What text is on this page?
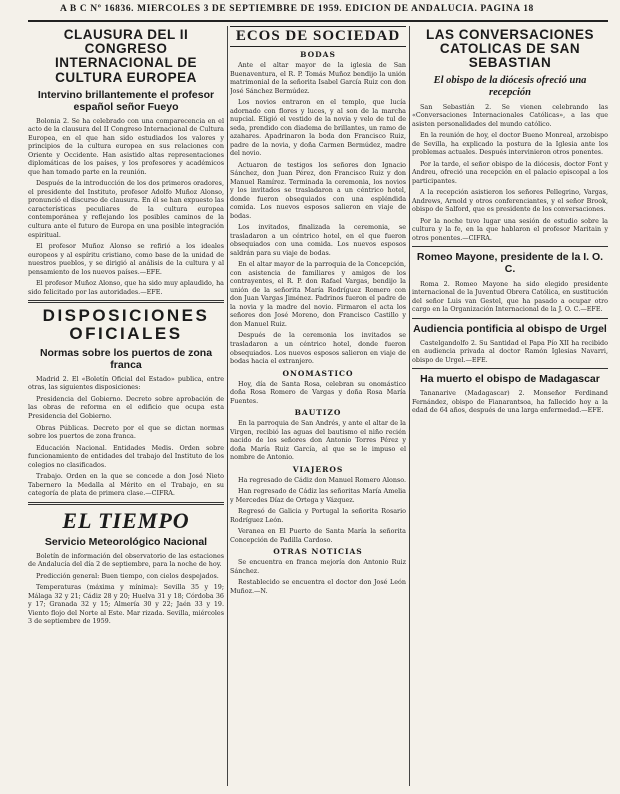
A B C Nº 16836. MIERCOLES 3 DE SEPTIEMBRE DE 1959. EDICION DE ANDALUCIA. PAGINA 18
CLAUSURA DEL II CONGRESO INTERNACIONAL DE CULTURA EUROPEA
Intervino brillantemente el profesor español señor Fueyo

Bolonia 2. Se ha celebrado con una comparecencia en el acto de la clausura del II Congreso Internacional de Cultura Europea, en el que han sido estudiados los valores y principios de la cultura europea en sus relaciones con Oriente y Occidente. Han asistido altas representaciones diplomáticas de los países, y los profesores y académicos que han tomado parte en la reunión.

Después de la introducción de los dos primeros oradores, el presidente del Instituto, profesor Adolfo Muñoz Alonso, pronunció el discurso de clausura. En él se han expuesto las características peculiares de la cultura europea contemporánea y reflejando los posibles caminos de la cultura ante el futuro de Europa en una posible integración espiritual.

El profesor Muñoz Alonso se refirió a los ideales europeos y al espíritu cristiano, como base de la unidad de nuestros pueblos, y se dirigió al análisis de la cultura y al pensamiento de los nuevos países.—EFE.

El profesor Muñoz Alonso, que ha sido muy aplaudido, ha sido felicitado por las autoridades.—EFE.

DISPOSICIONES OFICIALES
Normas sobre los puertos de zona franca

Madrid 2. El «Boletín Oficial del Estado» publica, entre otras, las siguientes disposiciones:

Presidencia del Gobierno. Decreto sobre aprobación de las obras de reforma en el edificio que ocupa esta Presidencia del Gobierno.

Obras Públicas. Decreto por el que se dictan normas sobre los puertos de zona franca.

Educación Nacional. Entidades Medis. Orden sobre funcionamiento de entidades del trabajo del Instituto de los colegios no clasificados.

Trabajo. Orden en la que se concede a don José Nieto Tabernero la Medalla al Mérito en el Trabajo, en su categoría de plata de primera clase.—CIFRA.

EL TIEMPO
Servicio Meteorológico Nacional

Boletín de información del observatorio de las estaciones de Andalucía del día 2 de septiembre, para la noche de hoy.

Predicción general: Buen tiempo, con cielos despejados.

Temperaturas (máxima y mínima): Sevilla 35 y 19; Málaga 32 y 21; Cádiz 28 y 20; Huelva 31 y 18; Córdoba 36 y 17; Granada 32 y 15; Almería 30 y 22; Jaén 33 y 19. Viento flojo del Norte al Este. Mar rizada. Sevilla, miércoles 3 de septiembre de 1959.

ECOS DE SOCIEDAD
BODAS

Ante el altar mayor de la iglesia de San Buenaventura, el R. P. Tomás Muñoz bendijo la unión matrimonial de la señorita Isabel García Ruiz con don José Sánchez Bermúdez.

Los novios entraron en el templo, que lucía adornado con flores y luces, y al son de la marcha nupcial. Eligió el vestido de la novia y velo de tul de seda, prendido con diadema de brillantes, un ramo de azahares. Apadrinaron la boda don Francisco Ruiz, padre de la novia, y doña Carmen Bermúdez, madre del novio.

Actuaron de testigos los señores don Ignacio Sánchez, don Juan Pérez, don Francisco Ruiz y don Manuel Ramírez. Terminada la ceremonia, los novios y los invitados se trasladaron a un céntrico hotel, donde fueron obsequiados con una espléndida comida. Los nuevos esposos salieron en viaje de bodas.

Los invitados, finalizada la ceremonia, se trasladaron a un céntrico hotel, en el que fueron obsequiados con una comida. Los nuevos esposos saldrán para su viaje de bodas.

En el altar mayor de la parroquia de la Concepción, con asistencia de familiares y amigos de los contrayentes, el R. P. don Rafael Vargas, bendijo la unión de la señorita María Rodríguez Romero con don Juan Vargas Jiménez. Padrinos fueron el padre de la novia y la madre del novio. Firmaron el acta los señores don José Moreno, don Francisco Castillo y don Manuel Ruiz.

Después de la ceremonia los invitados se trasladaron a un céntrico hotel, donde fueron obsequiados. Los nuevos esposos salieron en viaje de bodas hacia el extranjero.

ONOMASTICO

Hoy, día de Santa Rosa, celebran su onomástico doña Rosa Romero de Vargas y doña Rosa María Fuentes.

BAUTIZO

En la parroquia de San Andrés, y ante el altar de la Virgen, recibió las aguas del bautismo el niño recién nacido de los señores don Antonio Torres Pérez y doña María Ruiz García, al que se le impuso el nombre de Antonio.

VIAJEROS

Ha regresado de Cádiz don Manuel Romero Alonso.

Han regresado de Cádiz las señoritas María Amelia y Mercedes Díaz de Ortega y Vázquez.

Regresó de Galicia y Portugal la señorita Rosario Rodríguez León.

Veranea en El Puerto de Santa María la señorita Concepción de Padilla Cardoso.

OTRAS NOTICIAS

Se encuentra en franca mejoría don Antonio Ruiz Sánchez.

Restablecido se encuentra el doctor don José León Muñoz.—N.

LAS CONVERSACIONES CATOLICAS DE SAN SEBASTIAN
El obispo de la diócesis ofreció una recepción

San Sebastián 2. Se vienen celebrando las «Conversaciones Internacionales Católicas», a las que asisten personalidades del mundo católico.

En la reunión de hoy, el doctor Bueno Monreal, arzobispo de Sevilla, ha explicado la postura de la Iglesia ante los problemas actuales. Después intervinieron otros ponentes.

Por la tarde, el señor obispo de la diócesis, doctor Font y Andreu, ofreció una recepción en el palacio episcopal a los participantes.

A la recepción asistieron los señores Pellegrino, Vargas, Andrews, Arnold y otros conferenciantes, y el señor Brook, obispo de Salford, que es presidente de los conversaciones.

Por la noche tuvo lugar una sesión de estudio sobre la cultura y la fe, en la que hablaron el profesor Maritain y otros ponentes.—CIFRA.

Romeo Mayone, presidente de la I. O. C.

Roma 2. Romeo Mayone ha sido elegido presidente internacional de la Juventud Obrera Católica, en sustitución del señor Luis van Gestel, que ha pasado a ocupar otro cargo en la Organización Internacional de la J. O. C.—EFE.

Audiencia pontificia al obispo de Urgel

Castelgandolfo 2. Su Santidad el Papa Pío XII ha recibido en audiencia privada al doctor Ramón Iglesias Navarri, obispo de Urgel.—EFE.

Ha muerto el obispo de Madagascar

Tananarive (Madagascar) 2. Monseñor Ferdinand Fernández, obispo de Fianarantsoa, ha fallecido hoy a la edad de 64 años, después de una larga enfermedad.—EFE.
